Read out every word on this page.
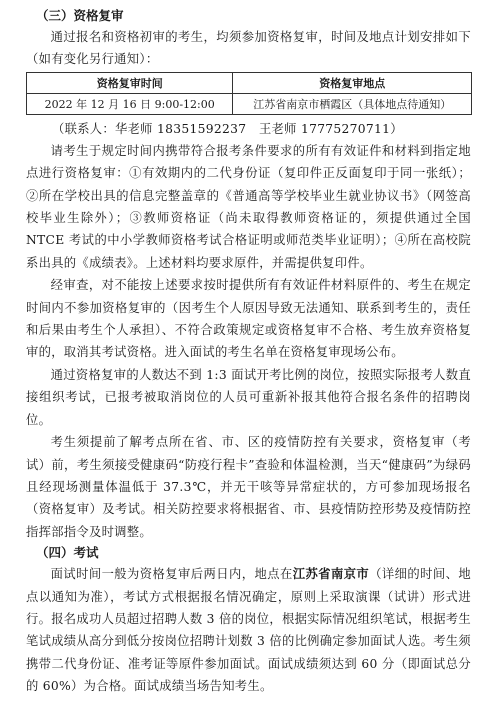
（三）资格复审

通过报名和资格初审的考生，均须参加资格复审，时间及地点计划安排如下（如有变化另行通知）：

资格复审时间	资格复审地点
2022 年 12 月 16 日 9:00-12:00	江苏省南京市栖霞区（具体地点待通知）
（联系人：华老师 18351592237　王老师 17775270711）

请考生于规定时间内携带符合报考条件要求的所有有效证件和材料到指定地点进行资格复审：①有效期内的二代身份证（复印件正反面复印于同一张纸）；②所在学校出具的信息完整盖章的《普通高等学校毕业生就业协议书》（网签高校毕业生除外）；③教师资格证（尚未取得教师资格证的，须提供通过全国 NTCE 考试的中小学教师资格考试合格证明或师范类毕业证明）；④所在高校院系出具的《成绩表》。上述材料均要求原件，并需提供复印件。

经审查，对不能按上述要求按时提供所有有效证件材料原件的、考生在规定时间内不参加资格复审的（因考生个人原因导致无法通知、联系到考生的，责任和后果由考生个人承担）、不符合政策规定或资格复审不合格、考生放弃资格复审的，取消其考试资格。进入面试的考生名单在资格复审现场公布。

通过资格复审的人数达不到 1:3 面试开考比例的岗位，按照实际报考人数直接组织考试，已报考被取消岗位的人员可重新补报其他符合报名条件的招聘岗位。

考生须提前了解考点所在省、市、区的疫情防控有关要求，资格复审（考试）前，考生须接受健康码“防疫行程卡”查验和体温检测，当天“健康码”为绿码且经现场测量体温低于 37.3℃，并无干咳等异常症状的，方可参加现场报名（资格复审）及考试。相关防控要求将根据省、市、县疫情防控形势及疫情防控指挥部指令及时调整。

（四）考试

面试时间一般为资格复审后两日内，地点在江苏省南京市（详细的时间、地点以通知为准），考试方式根据报名情况确定，原则上采取演课（试讲）形式进行。报名成功人员超过招聘人数 3 倍的岗位，根据实际情况组织笔试，根据考生笔试成绩从高分到低分按岗位招聘计划数 3 倍的比例确定参加面试人选。考生须携带二代身份证、准考证等原件参加面试。面试成绩须达到 60 分（即面试总分的 60%）为合格。面试成绩当场告知考生。
